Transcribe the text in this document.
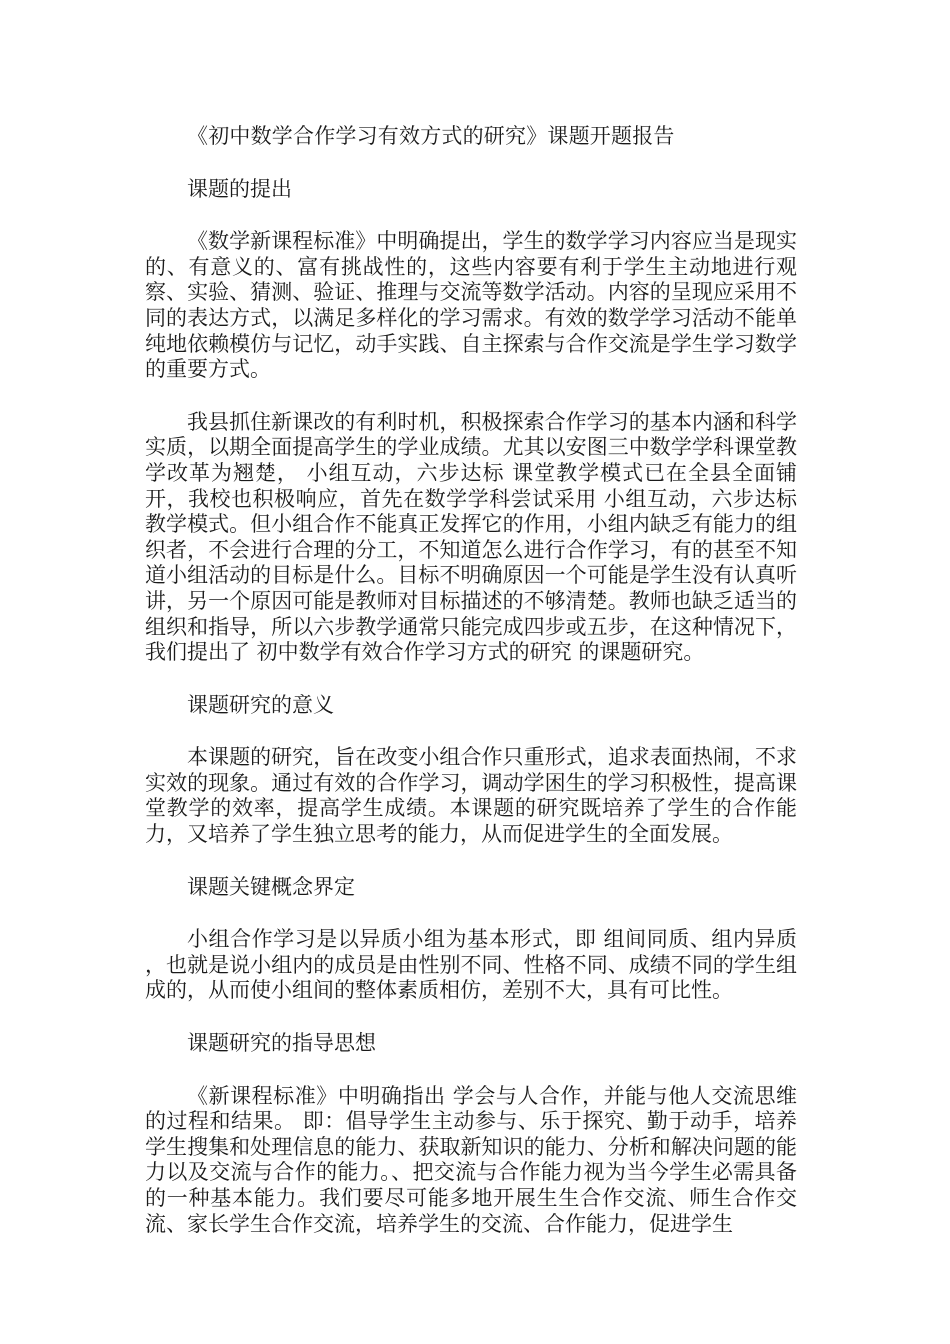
《初中数学合作学习有效方式的研究》课题开题报告
课题的提出

《数学新课程标准》中明确提出，学生的数学学习内容应当是现实的、有意义的、富有挑战性的，这些内容要有利于学生主动地进行观察、实验、猜测、验证、推理与交流等数学活动。内容的呈现应采用不同的表达方式，以满足多样化的学习需求。有效的数学学习活动不能单纯地依赖模仿与记忆，动手实践、自主探索与合作交流是学生学习数学的重要方式。

我县抓住新课改的有利时机，积极探索合作学习的基本内涵和科学实质，以期全面提高学生的学业成绩。尤其以安图三中数学学科课堂教学改革为翘楚， 小组互动，六步达标 课堂教学模式已在全县全面铺开，我校也积极响应，首先在数学学科尝试采用 小组互动，六步达标 教学模式。但小组合作不能真正发挥它的作用，小组内缺乏有能力的组织者，不会进行合理的分工，不知道怎么进行合作学习，有的甚至不知道小组活动的目标是什么。目标不明确原因一个可能是学生没有认真听讲，另一个原因可能是教师对目标描述的不够清楚。教师也缺乏适当的组织和指导，所以六步教学通常只能完成四步或五步，在这种情况下，我们提出了 初中数学有效合作学习方式的研究 的课题研究。

课题研究的意义

本课题的研究，旨在改变小组合作只重形式，追求表面热闹，不求实效的现象。通过有效的合作学习，调动学困生的学习积极性，提高课堂教学的效率，提高学生成绩。本课题的研究既培养了学生的合作能力，又培养了学生独立思考的能力，从而促进学生的全面发展。

课题关键概念界定

小组合作学习是以异质小组为基本形式，即 组间同质、组内异质 ，也就是说小组内的成员是由性别不同、性格不同、成绩不同的学生组成的，从而使小组间的整体素质相仿，差别不大，具有可比性。

课题研究的指导思想

《新课程标准》中明确指出 学会与人合作，并能与他人交流思维的过程和结果。 即：倡导学生主动参与、乐于探究、勤于动手，培养学生搜集和处理信息的能力、获取新知识的能力、分析和解决问题的能力以及交流与合作的能力。、把交流与合作能力视为当今学生必需具备的一种基本能力。我们要尽可能多地开展生生合作交流、师生合作交流、家长学生合作交流，培养学生的交流、合作能力，促进学生
